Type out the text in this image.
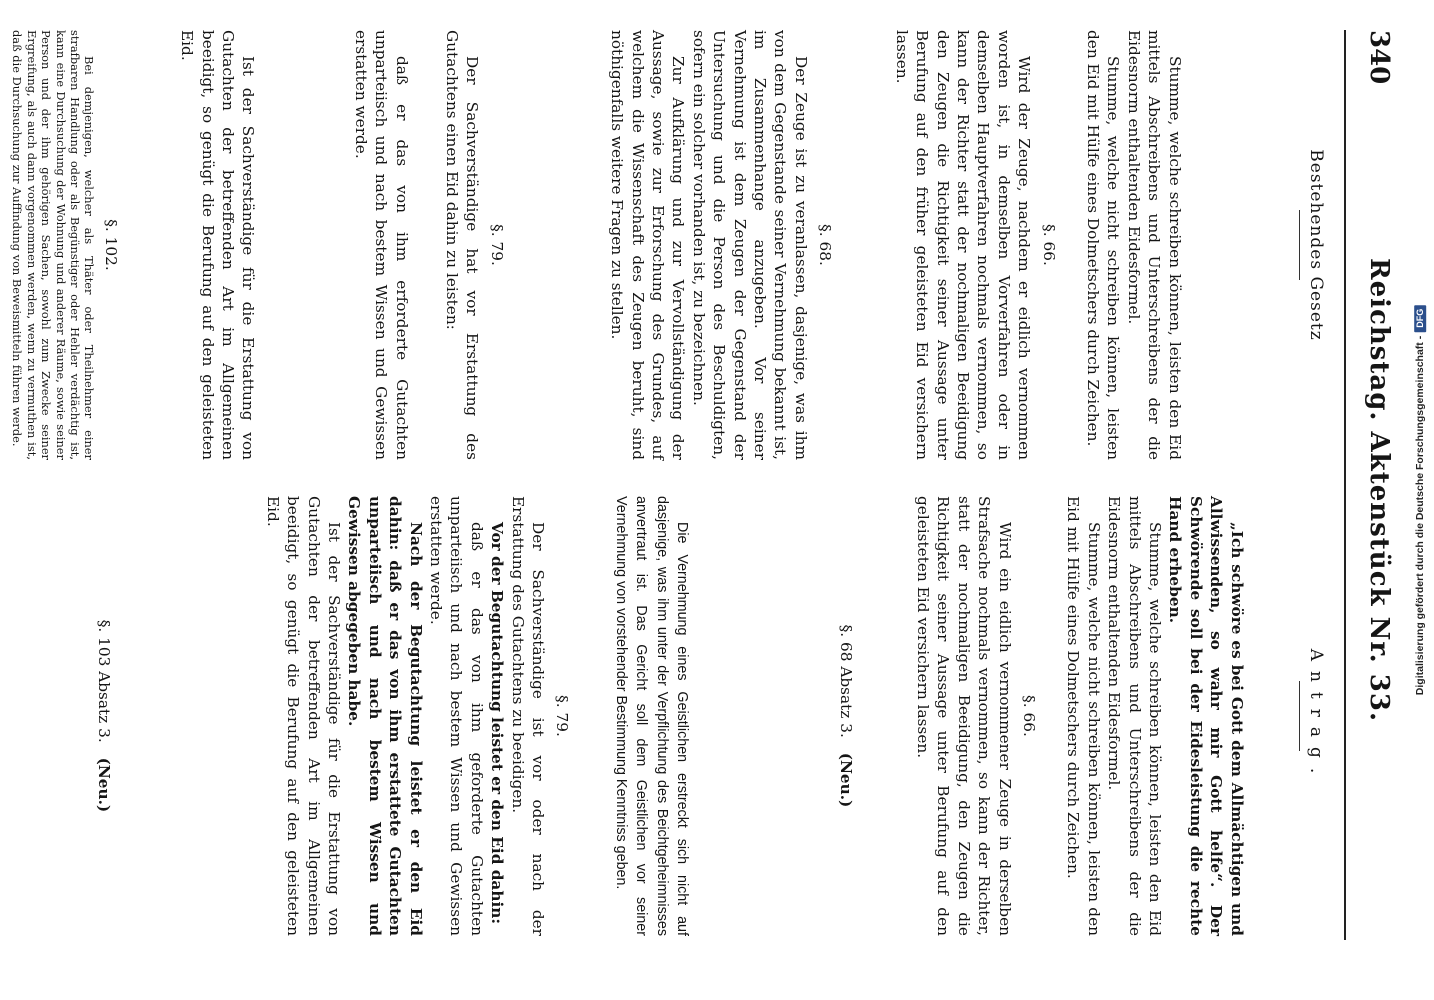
340
Reichstag. Aktenstück Nr. 33.
Bestehendes Gesetz

Stumme, welche schreiben können, leisten den Eid mittels Abschreibens und Unterschreibens der die Eidesnorm enthaltenden Eidesformel.

Stumme, welche nicht schreiben können, leisten den Eid mit Hülfe eines Dolmetschers durch Zeichen.

§. 66.

Wird der Zeuge, nachdem er eidlich vernommen worden ist, in demselben Vorverfahren oder in demselben Hauptverfahren nochmals vernommen, so kann der Richter statt der nochmaligen Beeidigung den Zeugen die Richtigkeit seiner Aussage unter Berufung auf den früher geleisteten Eid versichern lassen.

§. 68.

Der Zeuge ist zu veranlassen, dasjenige, was ihm von dem Gegenstande seiner Vernehmung bekannt ist, im Zusammenhange anzugeben. Vor seiner Vernehmung ist dem Zeugen der Gegenstand der Untersuchung und die Person des Beschuldigten, sofern ein solcher vorhanden ist, zu bezeichnen.

Zur Aufklärung und zur Vervollständigung der Aussage, sowie zur Erforschung des Grundes, auf welchem die Wissenschaft des Zeugen beruht, sind nöthigenfalls weitere Fragen zu stellen.

§. 79.

Der Sachverständige hat vor Erstattung des Gutachtens einen Eid dahin zu leisten:

daß er das von ihm erforderte Gutachten unparteiisch und nach bestem Wissen und Gewissen erstatten werde.

Ist der Sachverständige für die Erstattung von Gutachten der betreffenden Art im Allgemeinen beeidigt, so genügt die Berufung auf den geleisteten Eid.

§. 102.

Bei demjenigen, welcher als Thäter oder Theilnehmer einer strafbaren Handlung oder als Begünstiger oder Hehler verdächtig ist, kann eine Durchsuchung der Wohnung und anderer Räume, sowie seiner Person und der ihm gehörigen Sachen, sowohl zum Zwecke seiner Ergreifung, als auch dann vorgenommen werden, wenn zu vermuthen ist, daß die Durchsuchung zur Auffindung von Beweismitteln führen werde.

Antrag.

„Ich schwöre es bei Gott dem Allmächtigen und Allwissenden, so wahr mir Gott helfe“. Der Schwörende soll bei der Eidesleistung die rechte Hand erheben.

Stumme, welche schreiben können, leisten den Eid mittels Abschreibens und Unterschreibens der die Eidesnorm enthaltenden Eidesformel.

Stumme, welche nicht schreiben können, leisten den Eid mit Hülfe eines Dolmetschers durch Zeichen.

§. 66.

Wird ein eidlich vernommener Zeuge in derselben Strafsache nochmals vernommen, so kann der Richter, statt der nochmaligen Beeidigung, den Zeugen die Richtigkeit seiner Aussage unter Berufung auf den geleisteten Eid versichern lassen.

§. 68 Absatz 3. (Neu.)

Die Vernehmung eines Geistlichen erstreckt sich nicht auf dasjenige, was ihm unter der Verpflichtung des Beichtgeheimnisses anvertraut ist. Das Gericht soll dem Geistlichen vor seiner Vernehmung von vorstehender Bestimmung Kenntniss geben.

§. 79.

Der Sachverständige ist vor oder nach der Erstattung des Gutachtens zu beeidigen.

Vor der Begutachtung leistet er den Eid dahin:

daß er das von ihm geforderte Gutachten unparteiisch und nach bestem Wissen und Gewissen erstatten werde.

Nach der Begutachtung leistet er den Eid dahin: daß er das von ihm erstattete Gutachten unparteiisch und nach bestem Wissen und Gewissen abgegeben habe.

Ist der Sachverständige für die Erstattung von Gutachten der betreffenden Art im Allgemeinen beeidigt, so genügt die Berufung auf den geleisteten Eid.

§. 103 Absatz 3. (Neu.)
Digitalisierung gefördert durch die Deutsche Forschungsgemeinschaft -
DFG
